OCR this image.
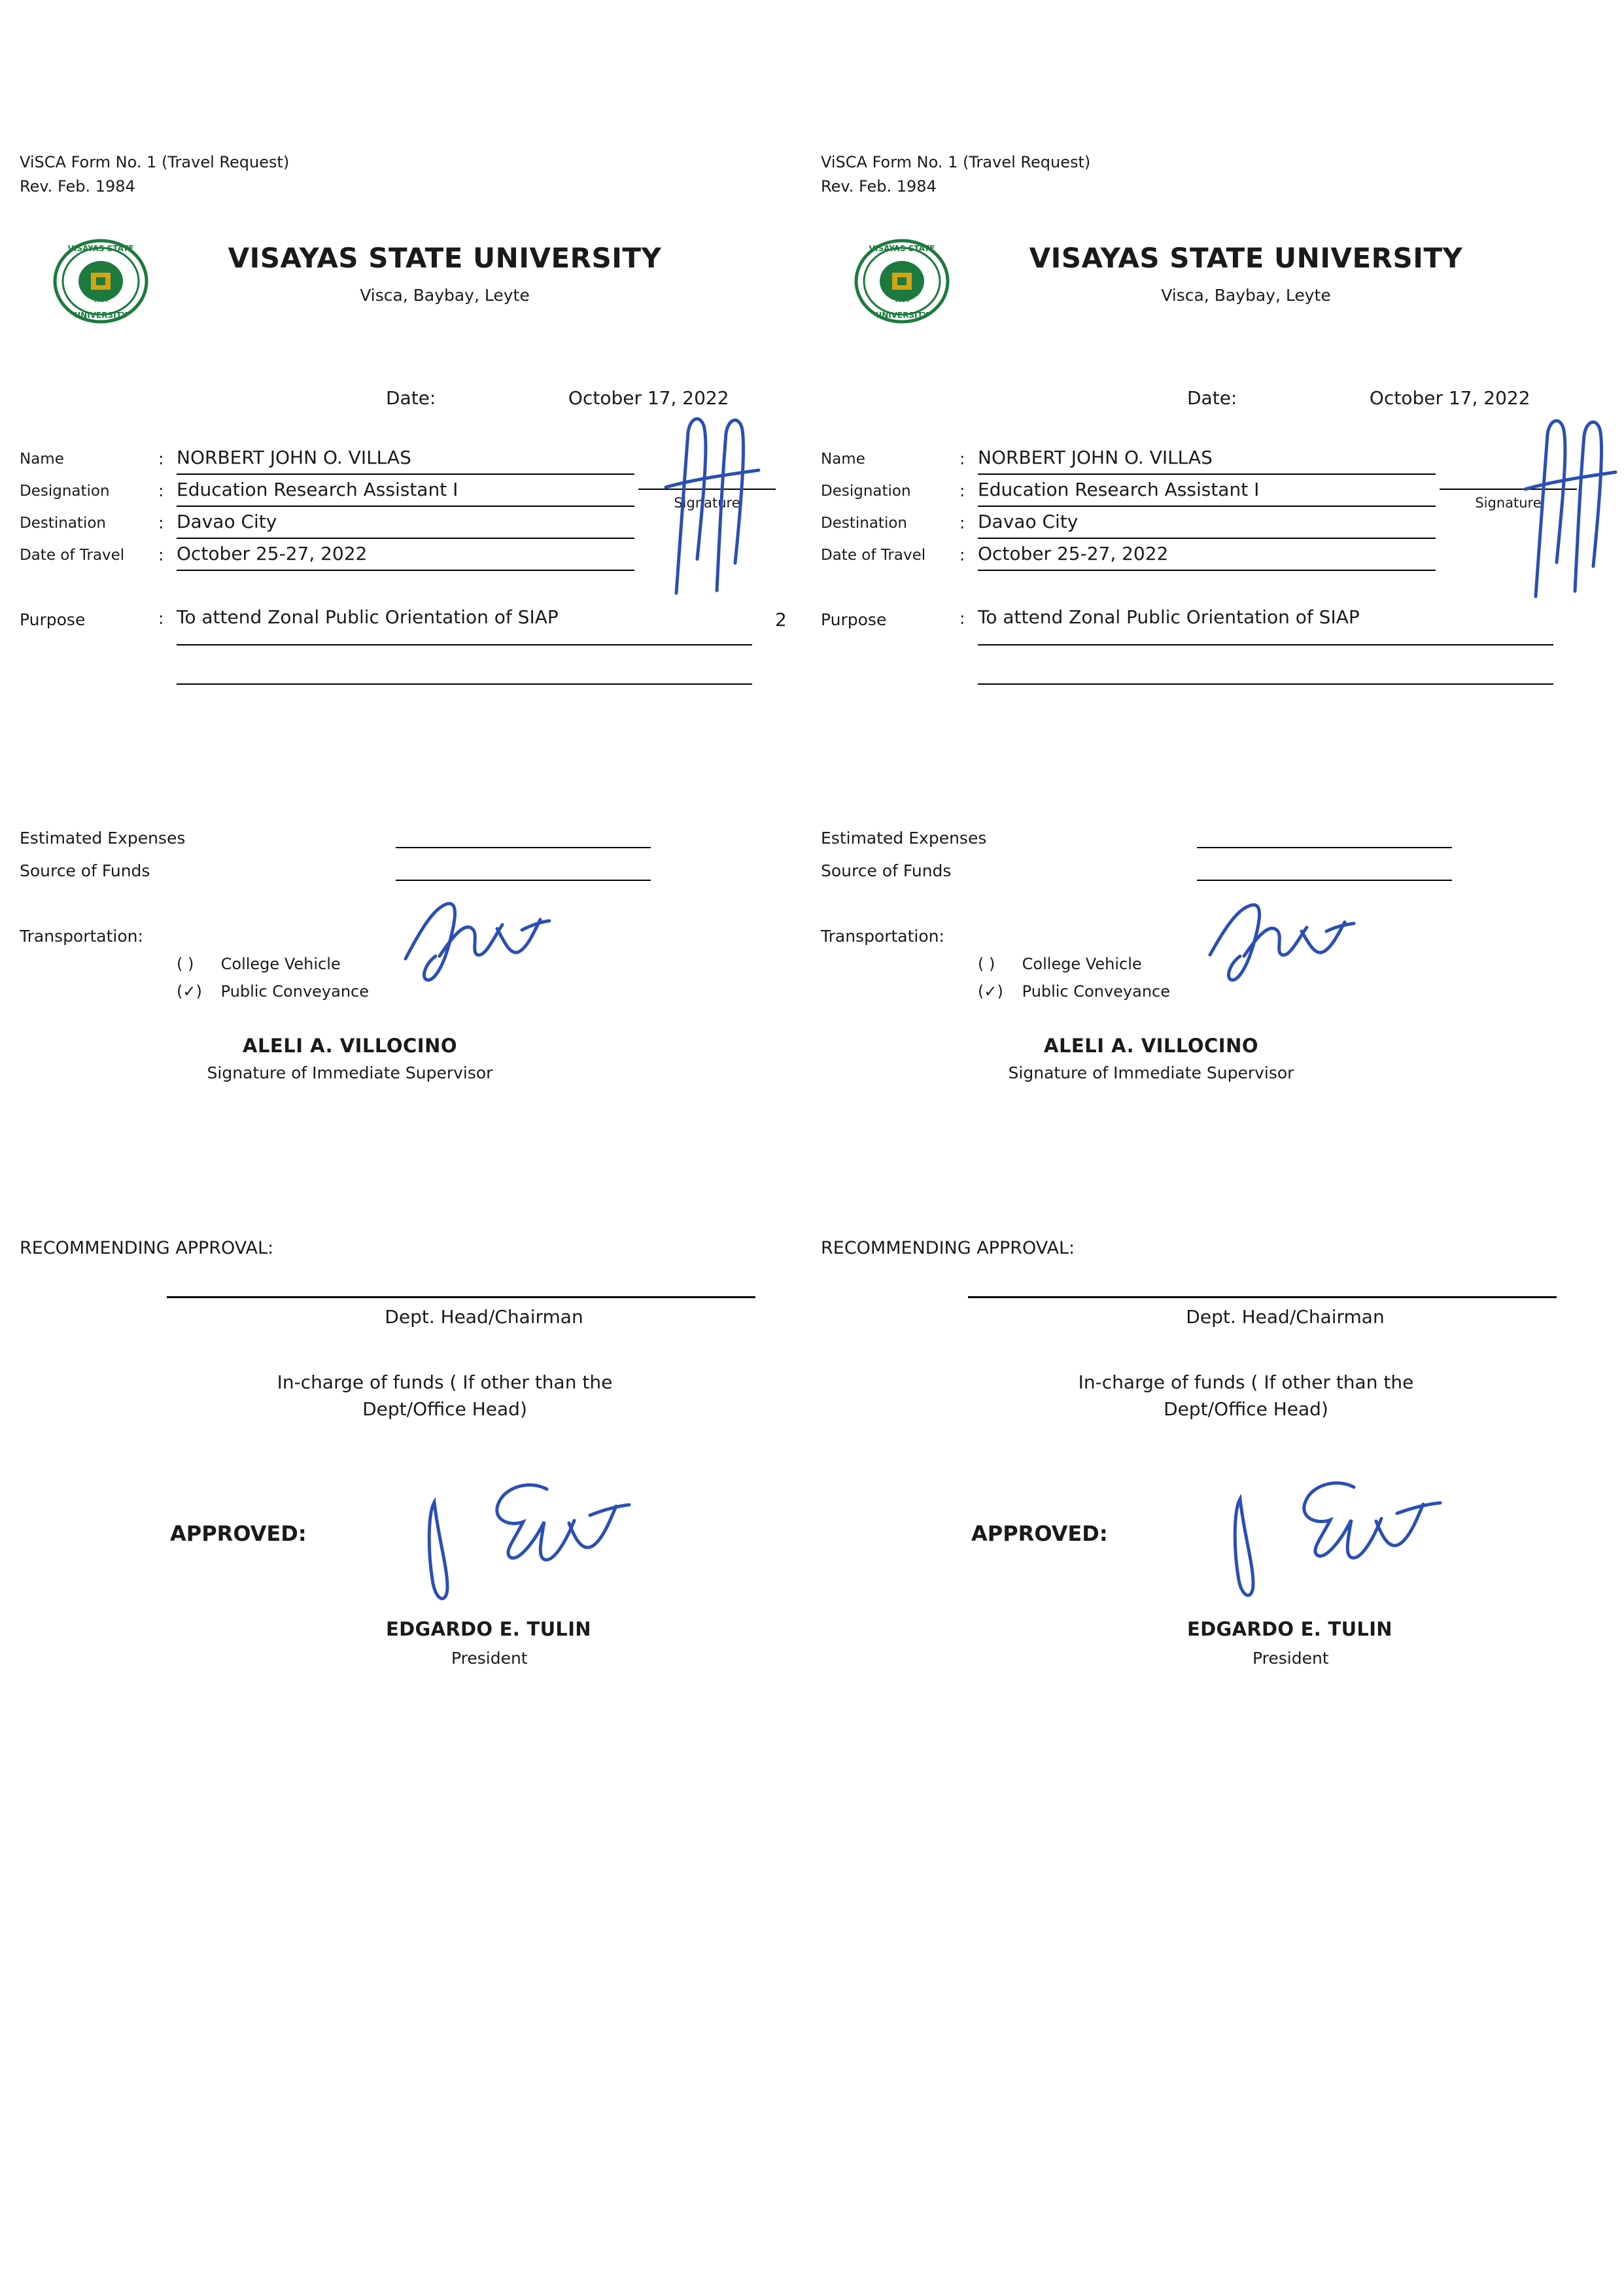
ViSCA Form No. 1 (Travel Request)
Rev. Feb. 1984
VISAYAS STATE
UNIVERSITY
1924
VISAYAS STATE UNIVERSITY
Visca, Baybay, Leyte
Date:	October 17, 2022
Name	: NORBERT JOHN O. VILLAS
Designation	: Education Research Assistant I
Destination	: Davao City
Date of Travel	: October 25-27, 2022
Signature
Purpose	: To attend Zonal Public Orientation of SIAP
Estimated Expenses
Source of Funds
Transportation:
( ) College Vehicle
(✓) Public Conveyance
ALELI A. VILLOCINO
Signature of Immediate Supervisor
RECOMMENDING APPROVAL:
Dept. Head/Chairman
In-charge of funds ( If other than the
Dept/Office Head)
APPROVED:
EDGARDO E. TULIN
President
ViSCA Form No. 1 (Travel Request)
Rev. Feb. 1984
VISAYAS STATE
UNIVERSITY
1924
VISAYAS STATE UNIVERSITY
Visca, Baybay, Leyte
Date:	October 17, 2022
Name	: NORBERT JOHN O. VILLAS
Designation	: Education Research Assistant I
Destination	: Davao City
Date of Travel	: October 25-27, 2022
Signature
2 Purpose	: To attend Zonal Public Orientation of SIAP
Estimated Expenses
Source of Funds
Transportation:
( ) College Vehicle
(✓) Public Conveyance
ALELI A. VILLOCINO
Signature of Immediate Supervisor
RECOMMENDING APPROVAL:
Dept. Head/Chairman
In-charge of funds ( If other than the
Dept/Office Head)
APPROVED:
EDGARDO E. TULIN
President
